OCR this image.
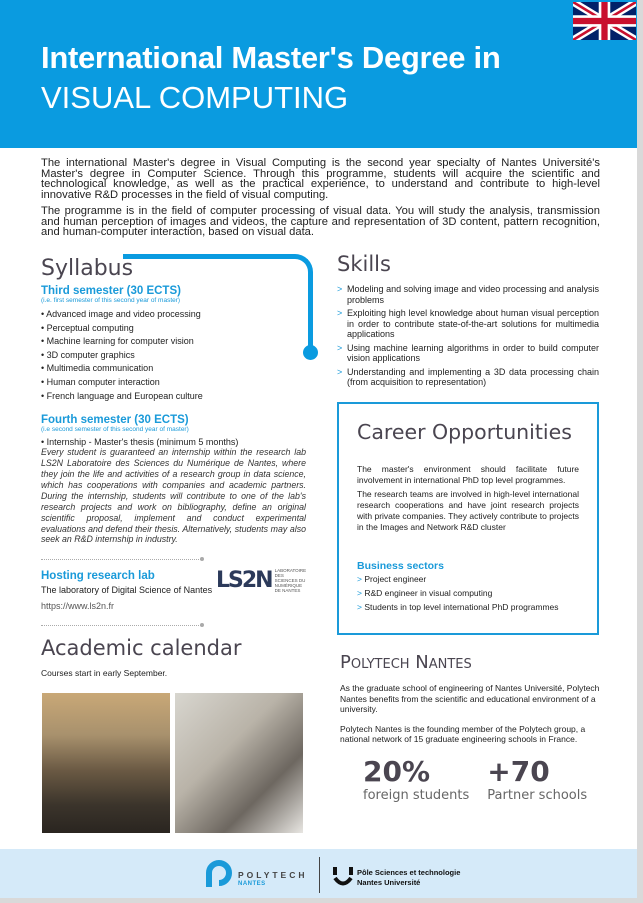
International Master's Degree in
VISUAL COMPUTING

The international Master's degree in Visual Computing is the second year specialty of Nantes Université's Master's degree in Computer Science. Through this programme, students will acquire the scientific and technological knowledge, as well as the practical experience, to understand and contribute to high-level innovative R&D processes in the field of visual computing.

The programme is in the field of computer processing of visual data. You will study the analysis, transmission and human perception of images and videos, the capture and representation of 3D content, pattern recognition, and human-computer interaction, based on visual data.

Syllabus
Third semester (30 ECTS)
(i.e. first semester of this second year of master)
• Advanced image and video processing
• Perceptual computing
• Machine learning for computer vision
• 3D computer graphics
• Multimedia communication
• Human computer interaction
• French language and European culture
Fourth semester (30 ECTS)
(i.e second semester of this second year of master)
• Internship - Master's thesis (minimum 5 months)
Every student is guaranteed an internship within the research lab LS2N Laboratoire des Sciences du Numérique de Nantes, where they join the life and activities of a research group in data science, which has cooperations with companies and academic partners. During the internship, students will contribute to one of the lab's research projects and work on bibliography, define an original scientific proposal, implement and conduct experimental evaluations and defend their thesis. Alternatively, students may also seek an R&D internship in industry.
Hosting research lab
The laboratory of Digital Science of Nantes
https://www.ls2n.fr
LS2N LABORATOIRE DES SCIENCES DU NUMÉRIQUE DE NANTES
Academic calendar
Courses start in early September.
Skills
> Modeling and solving image and video processing and analysis problems
> Exploiting high level knowledge about human visual perception in order to contribute state-of-the-art solutions for multimedia applications
> Using machine learning algorithms in order to build computer vision applications
> Understanding and implementing a 3D data processing chain (from acquisition to representation)
Career Opportunities

The master's environment should facilitate future involvement in international PhD top level programmes.

The research teams are involved in high-level international research cooperations and have joint research projects with private companies. They actively contribute to projects in the Images and Network R&D cluster

Business sectors
> Project engineer
> R&D engineer in visual computing
> Students in top level international PhD programmes
Polytech Nantes

As the graduate school of engineering of Nantes Université, Polytech Nantes benefits from the scientific and educational environment of a university.

Polytech Nantes is the founding member of the Polytech group, a national network of 15 graduate engineering schools in France.

20%
foreign students
+70
Partner schools
POLYTECH
NANTES
Pôle Sciences et technologie
Nantes Université
